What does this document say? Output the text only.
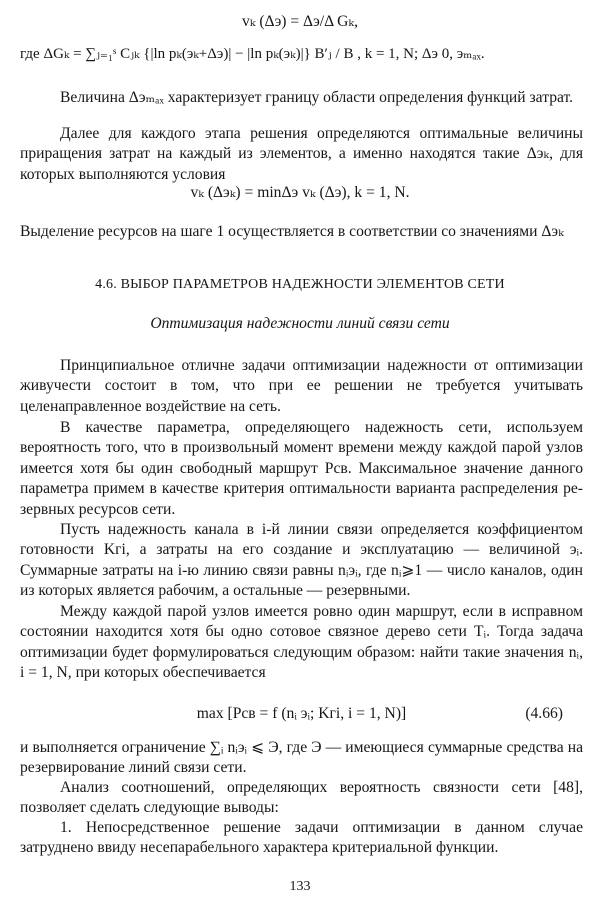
vₖ (Δэ) = Δэ/Δ Gₖ,
где ΔGₖ = ∑ⱼ₌₁ˢ Cⱼₖ {|ln pₖ(эₖ+Δэ)| − |ln pₖ(эₖ)|} B′ⱼ / B , k = 1, N; Δэ 0, эₘₐₓ.

Величина Δэₘₐₓ характеризует границу области определения функций затрат.

Далее для каждого этапа решения определяются оптимальные величины приращения затрат на каждый из элементов, а именно находятся такие Δэₖ, для которых выполняются условия

vₖ (Δэₖ) = minΔэ vₖ (Δэ), k = 1, N.

Выделение ресурсов на шаге 1 осуществляется в соответствии со значениями Δэₖ

4.6. ВЫБОР ПАРАМЕТРОВ НАДЕЖНОСТИ ЭЛЕМЕНТОВ СЕТИ
Оптимизация надежности линий связи сети

Принципиальное отличне задачи оптимизации надежности от оптимизации живучести состоит в том, что при ее решении не требуется учитывать целенаправленное воздействие на сеть.

В качестве параметра, определяющего надежность сети, используем вероятность того, что в произвольный момент времени между каждой парой узлов имеется хотя бы один свободный маршрут Pсв. Максимальное значение данного параметра примем в качестве критерия оптимальности варианта распределения резервных ресурсов сети.

Пусть надежность канала в i-й линии связи определяется коэффициентом готовности Kгi, а затраты на его создание и эксплуатацию — величиной эᵢ. Суммарные затраты на i-ю линию связи равны nᵢэᵢ, где nᵢ⩾1 — число каналов, один из которых является рабочим, а остальные — резервными.

Между каждой парой узлов имеется ровно один маршрут, если в исправном состоянии находится хотя бы одно сотовое связное дерево сети Tᵢ. Тогда задача оптимизации будет формулироваться следующим образом: найти такие значения nᵢ, i = 1, N, при которых обеспечивается

max [Pсв = f (nᵢ эᵢ; Kгi, i = 1, N)]	(4.66)

и выполняется ограничение ∑ᵢ nᵢэᵢ ⩽ Э, где Э — имеющиеся суммарные средства на резервирование линий связи сети.

Анализ соотношений, определяющих вероятность связности сети [48], позволяет сделать следующие выводы:

1. Непосредственное решение задачи оптимизации в данном случае затруднено ввиду несепарабельного характера критериальной функции.

133
